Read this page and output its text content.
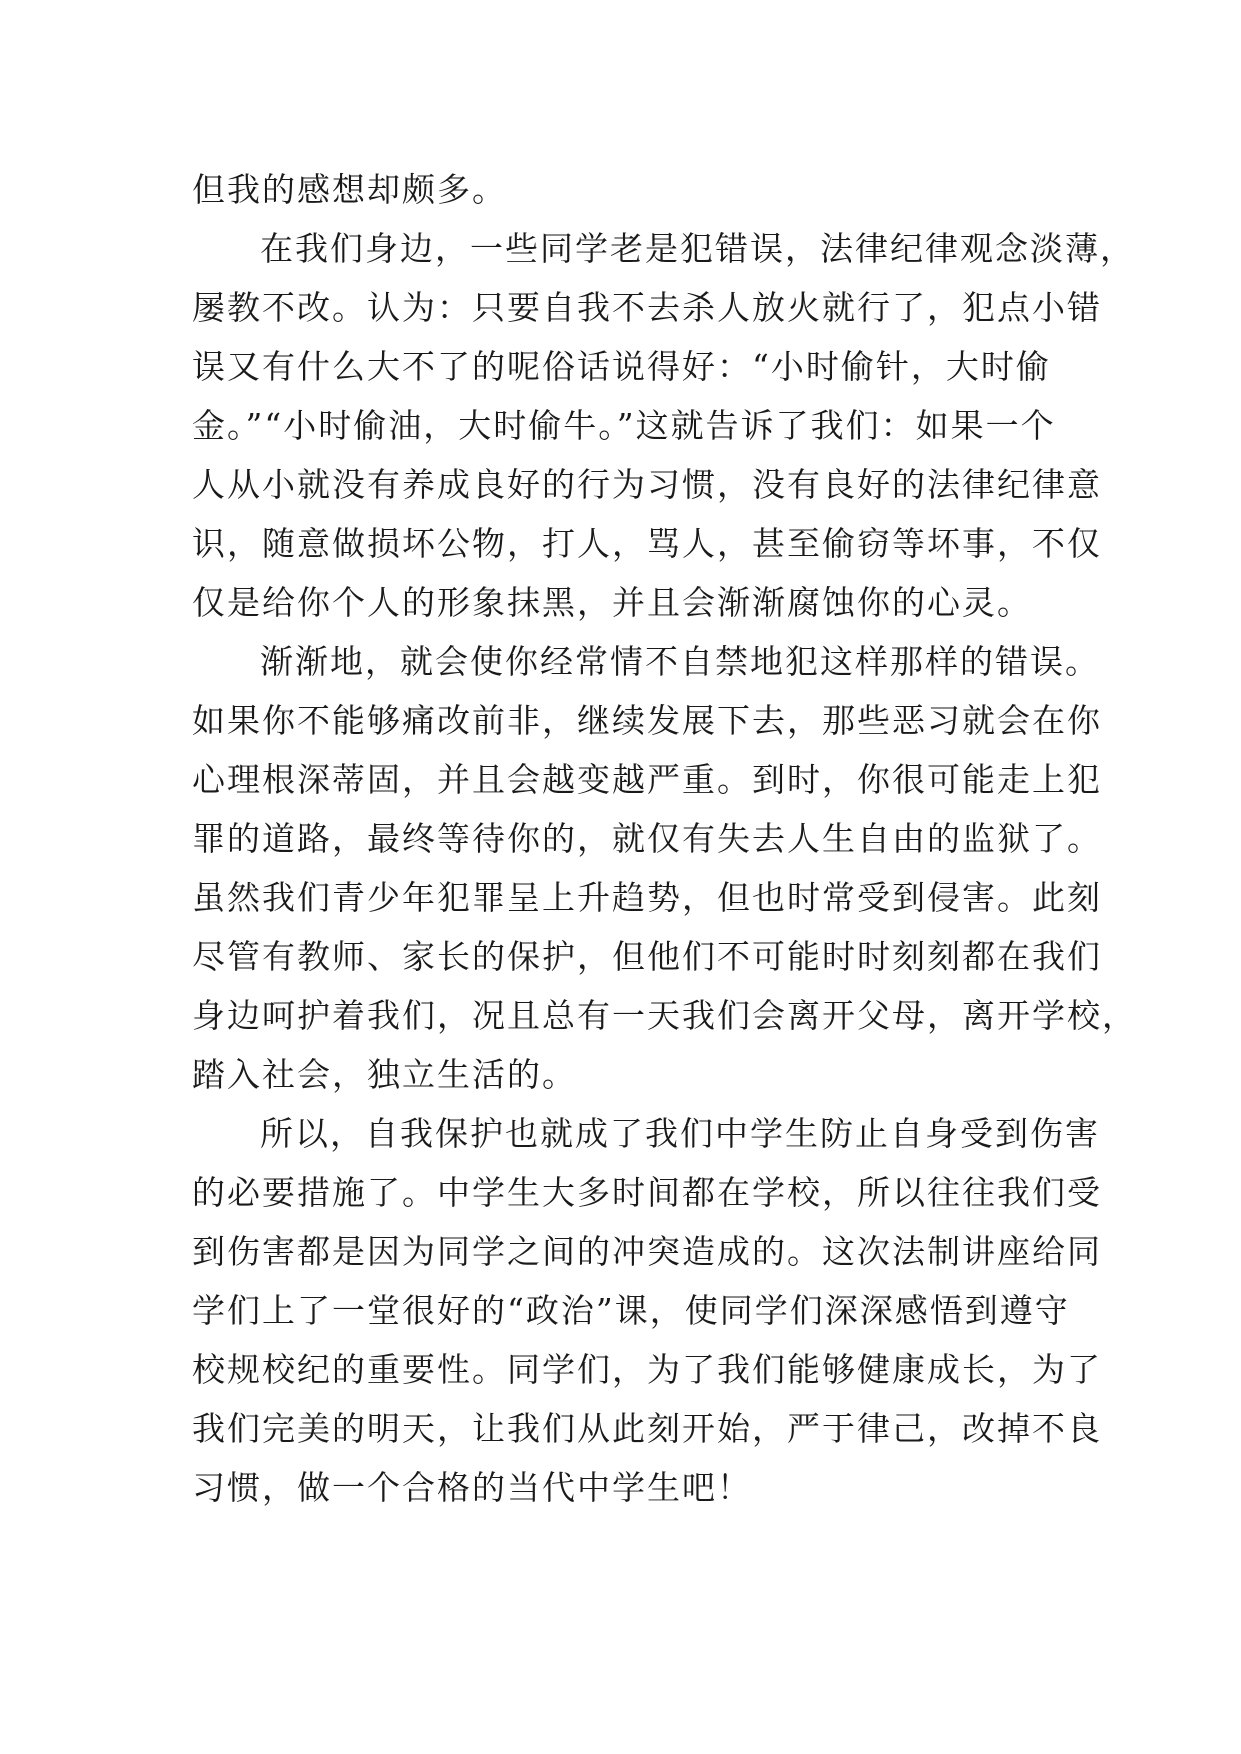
但我的感想却颇多。
在我们身边，一些同学老是犯错误，法律纪律观念淡薄，
屡教不改。认为：只要自我不去杀人放火就行了，犯点小错
误又有什么大不了的呢俗话说得好：“小时偷针，大时偷
金。”“小时偷油，大时偷牛。”这就告诉了我们：如果一个
人从小就没有养成良好的行为习惯，没有良好的法律纪律意
识，随意做损坏公物，打人，骂人，甚至偷窃等坏事，不仅
仅是给你个人的形象抹黑，并且会渐渐腐蚀你的心灵。
渐渐地，就会使你经常情不自禁地犯这样那样的错误。
如果你不能够痛改前非，继续发展下去，那些恶习就会在你
心理根深蒂固，并且会越变越严重。到时，你很可能走上犯
罪的道路，最终等待你的，就仅有失去人生自由的监狱了。
虽然我们青少年犯罪呈上升趋势，但也时常受到侵害。此刻
尽管有教师、家长的保护，但他们不可能时时刻刻都在我们
身边呵护着我们，况且总有一天我们会离开父母，离开学校，
踏入社会，独立生活的。
所以，自我保护也就成了我们中学生防止自身受到伤害
的必要措施了。中学生大多时间都在学校，所以往往我们受
到伤害都是因为同学之间的冲突造成的。这次法制讲座给同
学们上了一堂很好的“政治”课，使同学们深深感悟到遵守
校规校纪的重要性。同学们，为了我们能够健康成长，为了
我们完美的明天，让我们从此刻开始，严于律己，改掉不良
习惯，做一个合格的当代中学生吧！
